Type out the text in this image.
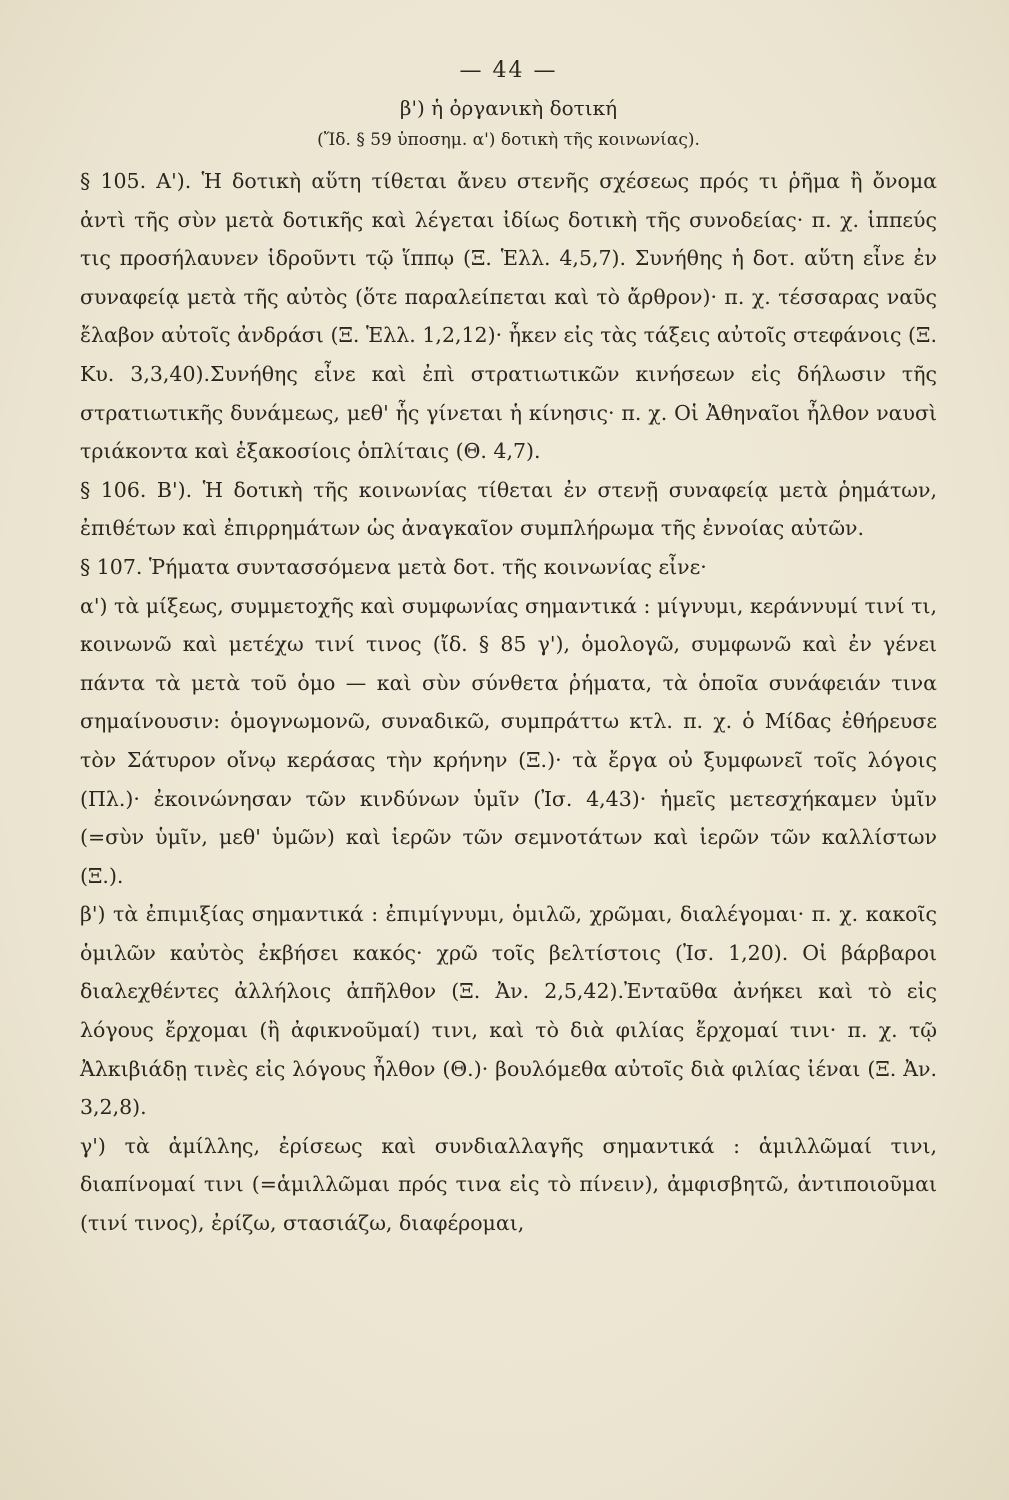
— 44 —
β') ἡ ὀργανικὴ δοτική
(Ἴδ. § 59 ὑποσημ. α') δοτικὴ τῆς κοινωνίας).

§ 105. Α'). Ἡ δοτικὴ αὕτη τίθεται ἄνευ στενῆς σχέσεως πρός τι ῥῆμα ἢ ὄνομα ἀντὶ τῆς σὺν μετὰ δοτικῆς καὶ λέγεται ἰδίως δοτικὴ τῆς συνοδείας· π. χ. ἱππεύς τις προσήλαυνεν ἱδροῦντι τῷ ἵππῳ (Ξ. Ἑλλ. 4,5,7). Συνήθης ἡ δοτ. αὕτη εἶνε ἐν συναφείᾳ μετὰ τῆς αὐτὸς (ὅτε παραλείπεται καὶ τὸ ἄρθρον)· π. χ. τέσσαρας ναῦς ἔλαβον αὐτοῖς ἀνδράσι (Ξ. Ἑλλ. 1,2,12)· ἧκεν εἰς τὰς τάξεις αὐτοῖς στεφάνοις (Ξ. Κυ. 3,3,40).Συνήθης εἶνε καὶ ἐπὶ στρατιωτικῶν κινήσεων εἰς δήλωσιν τῆς στρατιωτικῆς δυνάμεως, μεθ' ἧς γίνεται ἡ κίνησις· π. χ. Οἱ Ἀθηναῖοι ἦλθον ναυσὶ τριάκοντα καὶ ἑξακοσίοις ὁπλίταις (Θ. 4,7).

§ 106. Β'). Ἡ δοτικὴ τῆς κοινωνίας τίθεται ἐν στενῇ συναφείᾳ μετὰ ῥημάτων, ἐπιθέτων καὶ ἐπιρρημάτων ὡς ἀναγκαῖον συμπλήρωμα τῆς ἐννοίας αὐτῶν.

§ 107. Ῥήματα συντασσόμενα μετὰ δοτ. τῆς κοινωνίας εἶνε·

α') τὰ μίξεως, συμμετοχῆς καὶ συμφωνίας σημαντικά : μίγνυμι, κεράννυμί τινί τι, κοινωνῶ καὶ μετέχω τινί τινος (ἴδ. § 85 γ'), ὁμολογῶ, συμφωνῶ καὶ ἐν γένει πάντα τὰ μετὰ τοῦ ὁμο — καὶ σὺν σύνθετα ῥήματα, τὰ ὁποῖα συνάφειάν τινα σημαίνουσιν: ὁμογνωμονῶ, συναδικῶ, συμπράττω κτλ. π. χ. ὁ Μίδας ἐθήρευσε τὸν Σάτυρον οἴνῳ κεράσας τὴν κρήνην (Ξ.)· τὰ ἔργα οὐ ξυμφωνεῖ τοῖς λόγοις (Πλ.)· ἐκοινώνησαν τῶν κινδύνων ὑμῖν (Ἰσ. 4,43)· ἡμεῖς μετεσχήκαμεν ὑμῖν (=σὺν ὑμῖν, μεθ' ὑμῶν) καὶ ἱερῶν τῶν σεμνοτάτων καὶ ἱερῶν τῶν καλλίστων (Ξ.).

β') τὰ ἐπιμιξίας σημαντικά : ἐπιμίγνυμι, ὁμιλῶ, χρῶμαι, διαλέγομαι· π. χ. κακοῖς ὁμιλῶν καὐτὸς ἐκβήσει κακός· χρῶ τοῖς βελτίστοις (Ἰσ. 1,20). Οἱ βάρβαροι διαλεχθέντες ἀλλήλοις ἀπῆλθον (Ξ. Ἀν. 2,5,42).Ἐνταῦθα ἀνήκει καὶ τὸ εἰς λόγους ἔρχομαι (ἢ ἀφικνοῦμαί) τινι, καὶ τὸ διὰ φιλίας ἔρχομαί τινι· π. χ. τῷ Ἀλκιβιάδῃ τινὲς εἰς λόγους ἦλθον (Θ.)· βουλόμεθα αὐτοῖς διὰ φιλίας ἰέναι (Ξ. Ἀν. 3,2,8).

γ') τὰ ἁμίλλης, ἐρίσεως καὶ συνδιαλλαγῆς σημαντικά : ἁμιλλῶμαί τινι, διαπίνομαί τινι (=ἁμιλλῶμαι πρός τινα εἰς τὸ πίνειν), ἀμφισβητῶ, ἀντιποιοῦμαι (τινί τινος), ἐρίζω, στασιάζω, διαφέρομαι,
